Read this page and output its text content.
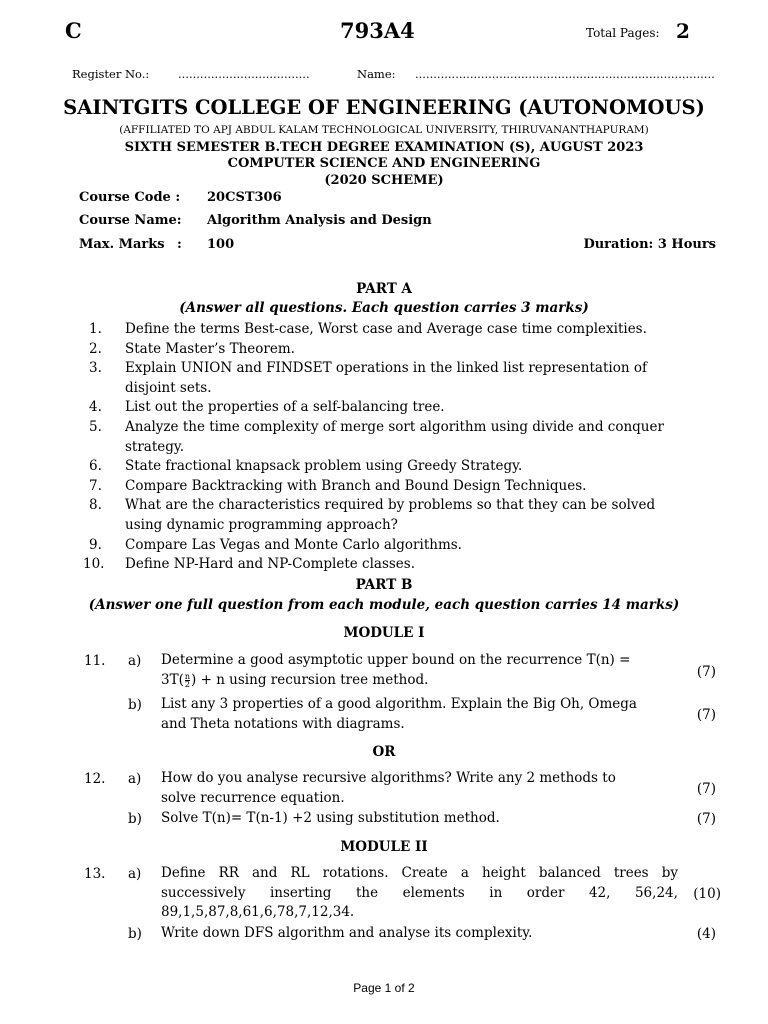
C	793A4	Total Pages: 2
Register No.: ....................................	Name: ..................................................................................
SAINTGITS COLLEGE OF ENGINEERING (AUTONOMOUS)
(AFFILIATED TO APJ ABDUL KALAM TECHNOLOGICAL UNIVERSITY, THIRUVANANTHAPURAM)
SIXTH SEMESTER B.TECH DEGREE EXAMINATION (S), AUGUST 2023
COMPUTER SCIENCE AND ENGINEERING
(2020 SCHEME)
Course Code : 20CST306
Course Name: Algorithm Analysis and Design
Max. Marks : 100	Duration: 3 Hours
PART A
(Answer all questions. Each question carries 3 marks)
1. Define the terms Best-case, Worst case and Average case time complexities.
2. State Master’s Theorem.
3. Explain UNION and FINDSET operations in the linked list representation of
disjoint sets.
4. List out the properties of a self-balancing tree.
5. Analyze the time complexity of merge sort algorithm using divide and conquer
strategy.
6. State fractional knapsack problem using Greedy Strategy.
7. Compare Backtracking with Branch and Bound Design Techniques.
8. What are the characteristics required by problems so that they can be solved
using dynamic programming approach?
9. Compare Las Vegas and Monte Carlo algorithms.
10. Define NP-Hard and NP-Complete classes.
PART B
(Answer one full question from each module, each question carries 14 marks)
MODULE I
11. a) Determine a good asymptotic upper bound on the recurrence T(n) =
$3T( \frac{n}{2}$ ) + n using recursion tree method.	(7)
b) List any 3 properties of a good algorithm. Explain the Big Oh, Omega
and Theta notations with diagrams.
(7)
OR
12. a) How do you analyse recursive algorithms? Write any 2 methods to
solve recurrence equation.
(7)
b) Solve T(n)= T(n-1) +2 using substitution method.	(7)
MODULE II
13. a) Define RR and RL rotations. Create a height balanced trees by
successively inserting the elements in order 42, 56,24,
89,1,5,87,8,61,6,78,7,12,34.
(10)
b) Write down DFS algorithm and analyse its complexity.	(4)
Page 1 of 2
